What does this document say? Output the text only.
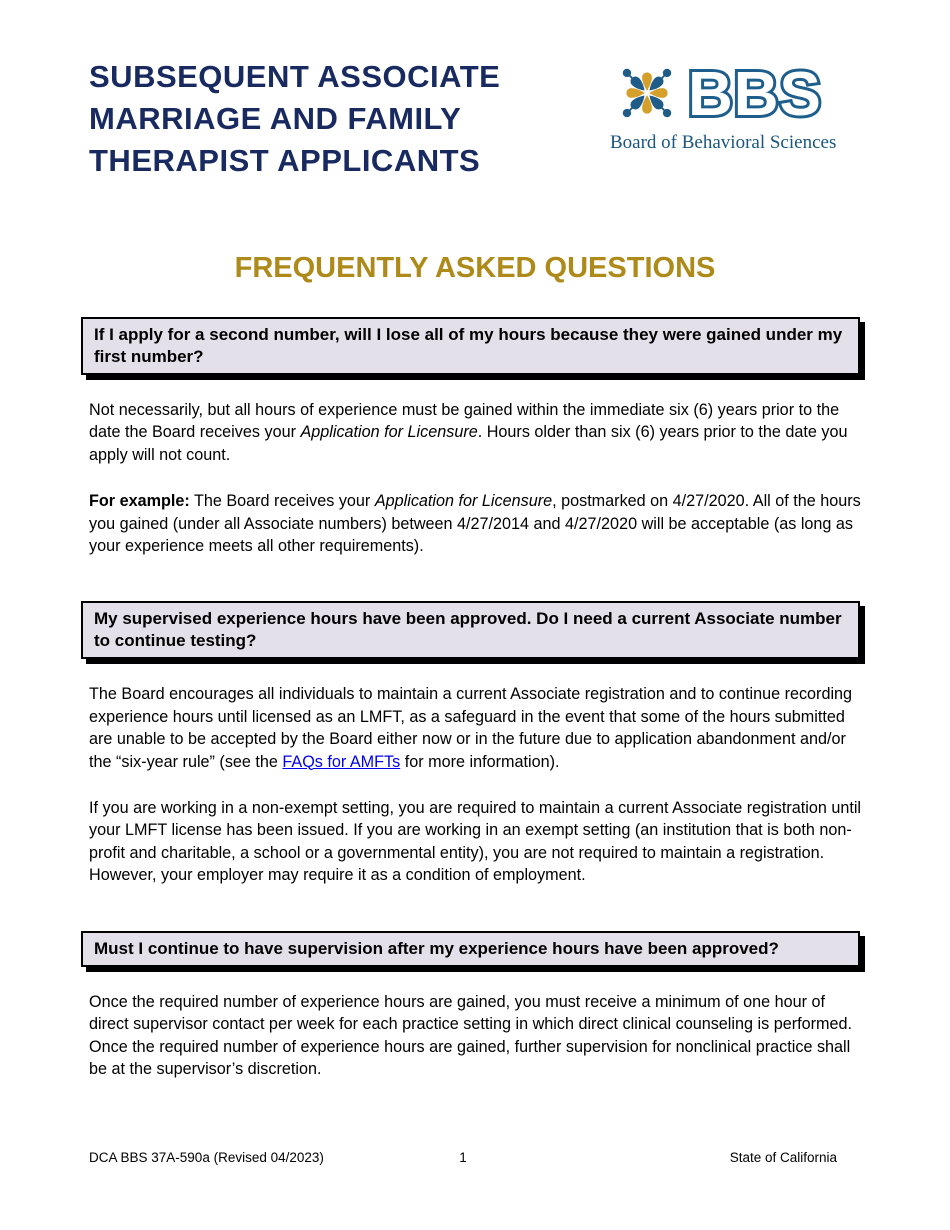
SUBSEQUENT ASSOCIATE
MARRIAGE AND FAMILY
THERAPIST APPLICANTS
BBS
Board of Behavioral Sciences
FREQUENTLY ASKED QUESTIONS
If I apply for a second number, will I lose all of my hours because they were gained under my first number?

Not necessarily, but all hours of experience must be gained within the immediate six (6) years prior to the date the Board receives your Application for Licensure. Hours older than six (6) years prior to the date you apply will not count.

For example: The Board receives your Application for Licensure, postmarked on 4/27/2020. All of the hours you gained (under all Associate numbers) between 4/27/2014 and 4/27/2020 will be acceptable (as long as your experience meets all other requirements).

My supervised experience hours have been approved. Do I need a current Associate number to continue testing?

The Board encourages all individuals to maintain a current Associate registration and to continue recording experience hours until licensed as an LMFT, as a safeguard in the event that some of the hours submitted are unable to be accepted by the Board either now or in the future due to application abandonment and/or the “six-year rule” (see the FAQs for AMFTs for more information).

If you are working in a non-exempt setting, you are required to maintain a current Associate registration until your LMFT license has been issued. If you are working in an exempt setting (an institution that is both non-profit and charitable, a school or a governmental entity), you are not required to maintain a registration. However, your employer may require it as a condition of employment.

Must I continue to have supervision after my experience hours have been approved?

Once the required number of experience hours are gained, you must receive a minimum of one hour of direct supervisor contact per week for each practice setting in which direct clinical counseling is performed. Once the required number of experience hours are gained, further supervision for nonclinical practice shall be at the supervisor’s discretion.

DCA BBS 37A-590a (Revised 04/2023)	1	State of California
